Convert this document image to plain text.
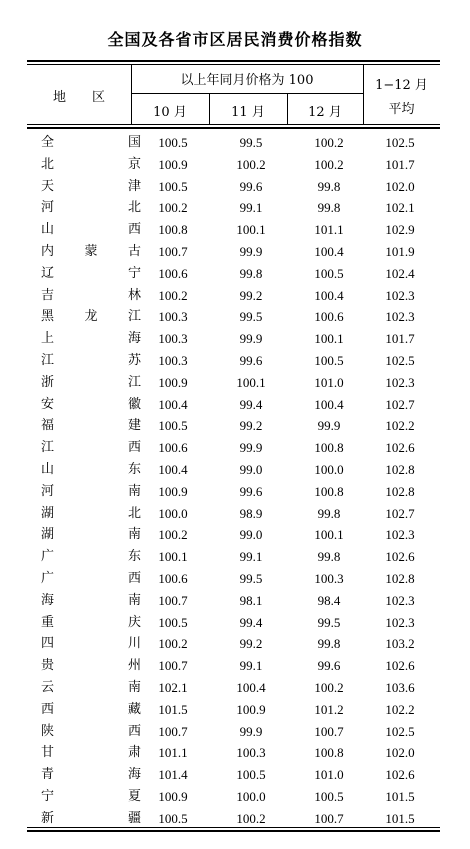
全国及各省市区居民消费价格指数
地　　区
以上年同月价格为 100
10 月	11 月	12 月
1−12 月
平均
全	国	100.5	99.5	100.2	102.5
北	京	100.9	100.2	100.2	101.7
天	津	100.5	99.6	99.8	102.0
河	北	100.2	99.1	99.8	102.1
山	西	100.8	100.1	101.1	102.9
内 蒙 古	100.7	99.9	100.4	101.9
辽	宁	100.6	99.8	100.5	102.4
吉	林	100.2	99.2	100.4	102.3
黑 龙 江	100.3	99.5	100.6	102.3
上	海	100.3	99.9	100.1	101.7
江	苏	100.3	99.6	100.5	102.5
浙	江	100.9	100.1	101.0	102.3
安	徽	100.4	99.4	100.4	102.7
福	建	100.5	99.2	99.9	102.2
江	西	100.6	99.9	100.8	102.6
山	东	100.4	99.0	100.0	102.8
河	南	100.9	99.6	100.8	102.8
湖	北	100.0	98.9	99.8	102.7
湖	南	100.2	99.0	100.1	102.3
广	东	100.1	99.1	99.8	102.6
广	西	100.6	99.5	100.3	102.8
海	南	100.7	98.1	98.4	102.3
重	庆	100.5	99.4	99.5	102.3
四	川	100.2	99.2	99.8	103.2
贵	州	100.7	99.1	99.6	102.6
云	南	102.1	100.4	100.2	103.6
西	藏	101.5	100.9	101.2	102.2
陕	西	100.7	99.9	100.7	102.5
甘	肃	101.1	100.3	100.8	102.0
青	海	101.4	100.5	101.0	102.6
宁	夏	100.9	100.0	100.5	101.5
新	疆	100.5	100.2	100.7	101.5
